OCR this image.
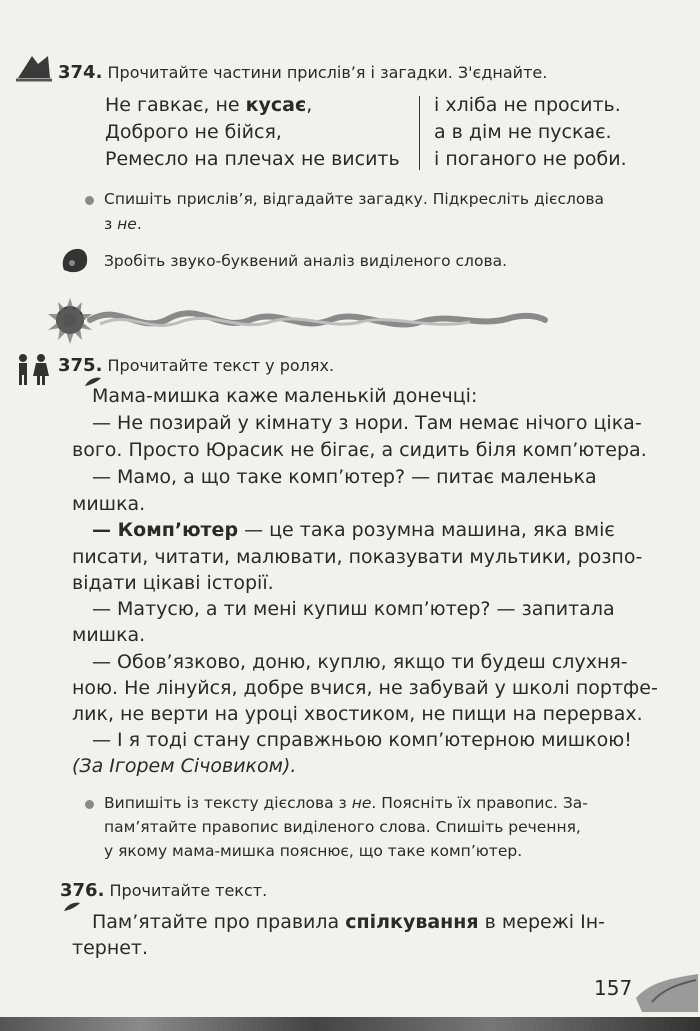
374. Прочитайте частини прислів’я і загадки. З'єднайте.
Не гавкає, не кусає,
Доброго не бійся,
Ремесло на плечах не висить
і хліба не просить.
а в дім не пускає.
і поганого не роби.
Спишіть прислів’я, відгадайте загадку. Підкресліть дієслова
з не.
Зробіть звуко-буквений аналіз виділеного слова.
375. Прочитайте текст у ролях.
Мама-мишка каже маленькій донечці:
— Не позирай у кімнату з нори. Там немає нічого ціка-
вого. Просто Юрасик не бігає, а сидить біля комп’ютера.
— Мамо, а що таке комп’ютер? — питає маленька
мишка.
— Комп’ютер — це така розумна машина, яка вміє
писати, читати, малювати, показувати мультики, розпо-
відати цікаві історії.
— Матусю, а ти мені купиш комп’ютер? — запитала
мишка.
— Обов’язково, доню, куплю, якщо ти будеш слухня-
ною. Не лінуйся, добре вчися, не забувай у школі портфе-
лик, не верти на уроці хвостиком, не пищи на перервах.
— І я тоді стану справжньою комп’ютерною мишкою!
(За Ігорем Січовиком).
Випишіть із тексту дієслова з не. Поясніть їх правопис. За-
пам’ятайте правопис виділеного слова. Спишіть речення,
у якому мама-мишка пояснює, що таке комп’ютер.
376. Прочитайте текст.
Пам’ятайте про правила спілкування в мережі Ін-
тернет.
157
